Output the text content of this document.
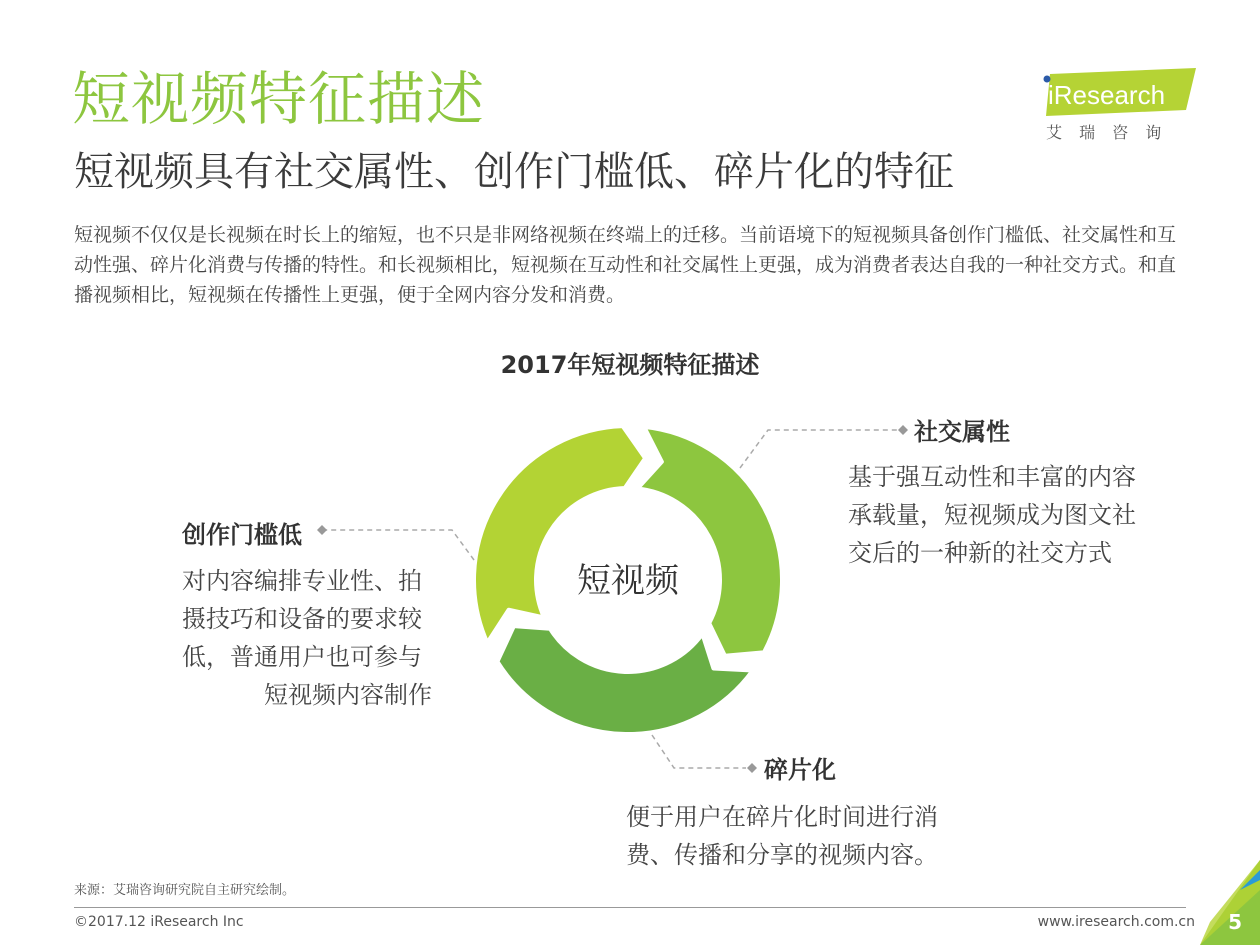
短视频特征描述
短视频具有社交属性、创作门槛低、碎片化的特征
短视频不仅仅是长视频在时长上的缩短，也不只是非网络视频在终端上的迁移。当前语境下的短视频具备创作门槛低、社交属性和互动性强、碎片化消费与传播的特性。和长视频相比，短视频在互动性和社交属性上更强，成为消费者表达自我的一种社交方式。和直播视频相比，短视频在传播性上更强，便于全网内容分发和消费。
iResearch
艾 瑞 咨 询
2017年短视频特征描述
短视频
社交属性
基于强互动性和丰富的内容
承载量，短视频成为图文社
交后的一种新的社交方式
创作门槛低
对内容编排专业性、拍
摄技巧和设备的要求较
低，普通用户也可参与
短视频内容制作
碎片化
便于用户在碎片化时间进行消
费、传播和分享的视频内容。
来源：艾瑞咨询研究院自主研究绘制。
©2017.12 iResearch Inc	www.iresearch.com.cn 5
